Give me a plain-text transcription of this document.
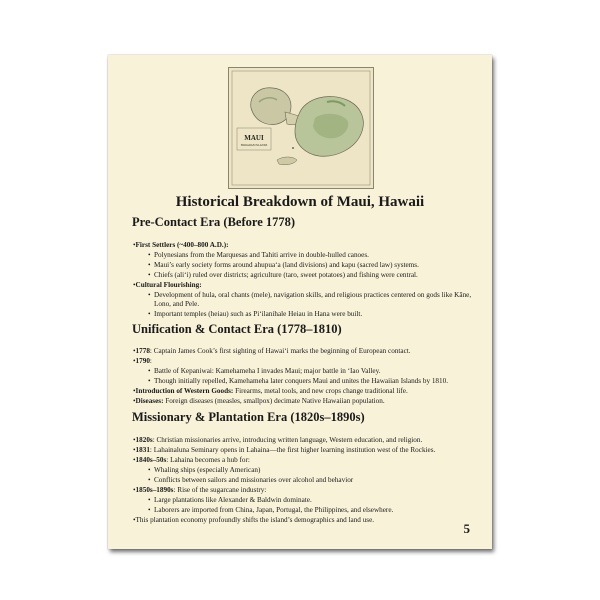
MAUI
HAWAIIAN ISLANDS
Historical Breakdown of Maui, Hawaii
Pre-Contact Era (Before 1778)
•First Settlers (~400–800 A.D.):
• Polynesians from the Marquesas and Tahiti arrive in double-hulled canoes.
• Maui’s early society forms around ahupuaʻa (land divisions) and kapu (sacred law) systems.
• Chiefs (aliʻi) ruled over districts; agriculture (taro, sweet potatoes) and fishing were central.
•Cultural Flourishing:
• Development of hula, oral chants (mele), navigation skills, and religious practices centered on gods like Kāne,
Lono, and Pele.
• Important temples (heiau) such as Piʻilanihale Heiau in Hana were built.
Unification & Contact Era (1778–1810)
•1778: Captain James Cook’s first sighting of Hawaiʻi marks the beginning of European contact.
•1790:
• Battle of Kepaniwai: Kamehameha I invades Maui; major battle in ʻIao Valley.
• Though initially repelled, Kamehameha later conquers Maui and unites the Hawaiian Islands by 1810.
•Introduction of Western Goods: Firearms, metal tools, and new crops change traditional life.
•Diseases: Foreign diseases (measles, smallpox) decimate Native Hawaiian population.
Missionary & Plantation Era (1820s–1890s)
•1820s: Christian missionaries arrive, introducing written language, Western education, and religion.
•1831: Lahainaluna Seminary opens in Lahaina—the first higher learning institution west of the Rockies.
•1840s–50s: Lahaina becomes a hub for:
• Whaling ships (especially American)
• Conflicts between sailors and missionaries over alcohol and behavior
•1850s–1890s: Rise of the sugarcane industry:
• Large plantations like Alexander & Baldwin dominate.
• Laborers are imported from China, Japan, Portugal, the Philippines, and elsewhere.
•This plantation economy profoundly shifts the island’s demographics and land use.
5
